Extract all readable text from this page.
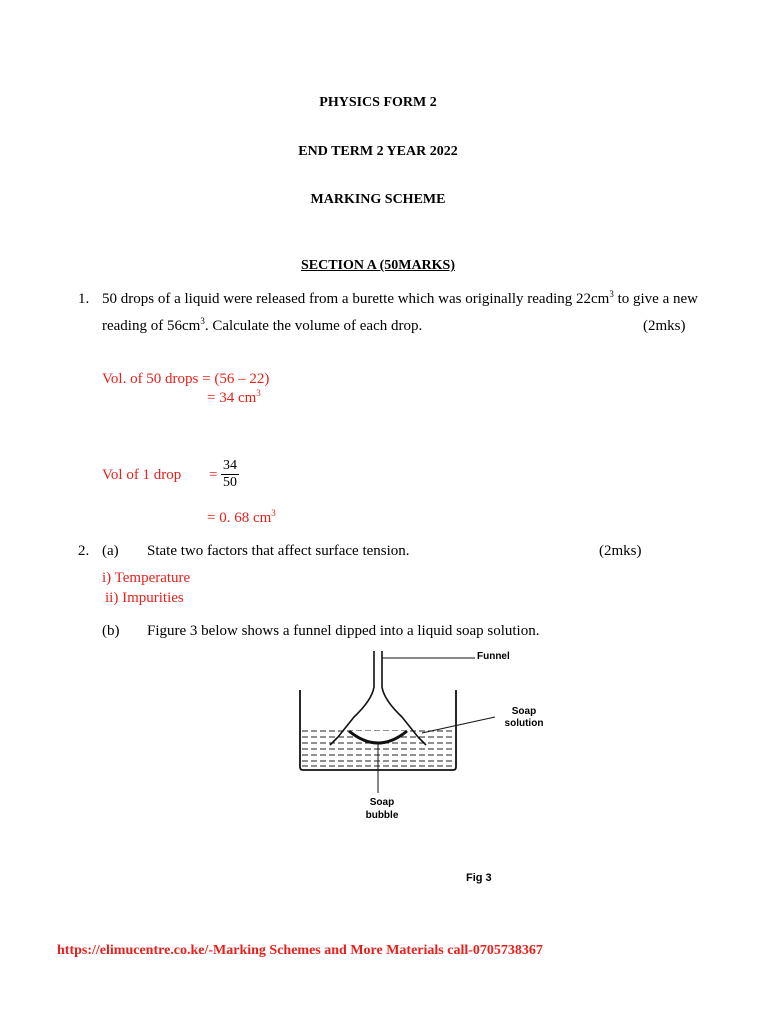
PHYSICS FORM 2
END TERM 2 YEAR 2022
MARKING SCHEME
SECTION A (50MARKS)
1. 50 drops of a liquid were released from a burette which was originally reading $22cm^3$ to give a new
reading of $56cm^3$. Calculate the volume of each drop.	(2mks)
Vol. of 50 drops = (56 – 22)
= 34 $cm^3$
Vol of 1 drop = $\frac{34}{50}$
= 0. 68 $cm^3$
2. (a) State two factors that affect surface tension.	(2mks)
i) Temperature
ii) Impurities
(b) Figure 3 below shows a funnel dipped into a liquid soap solution.
Funnel
Soap
solution
Soap
bubble
Fig 3
https://elimucentre.co.ke/-Marking Schemes and More Materials call-0705738367
